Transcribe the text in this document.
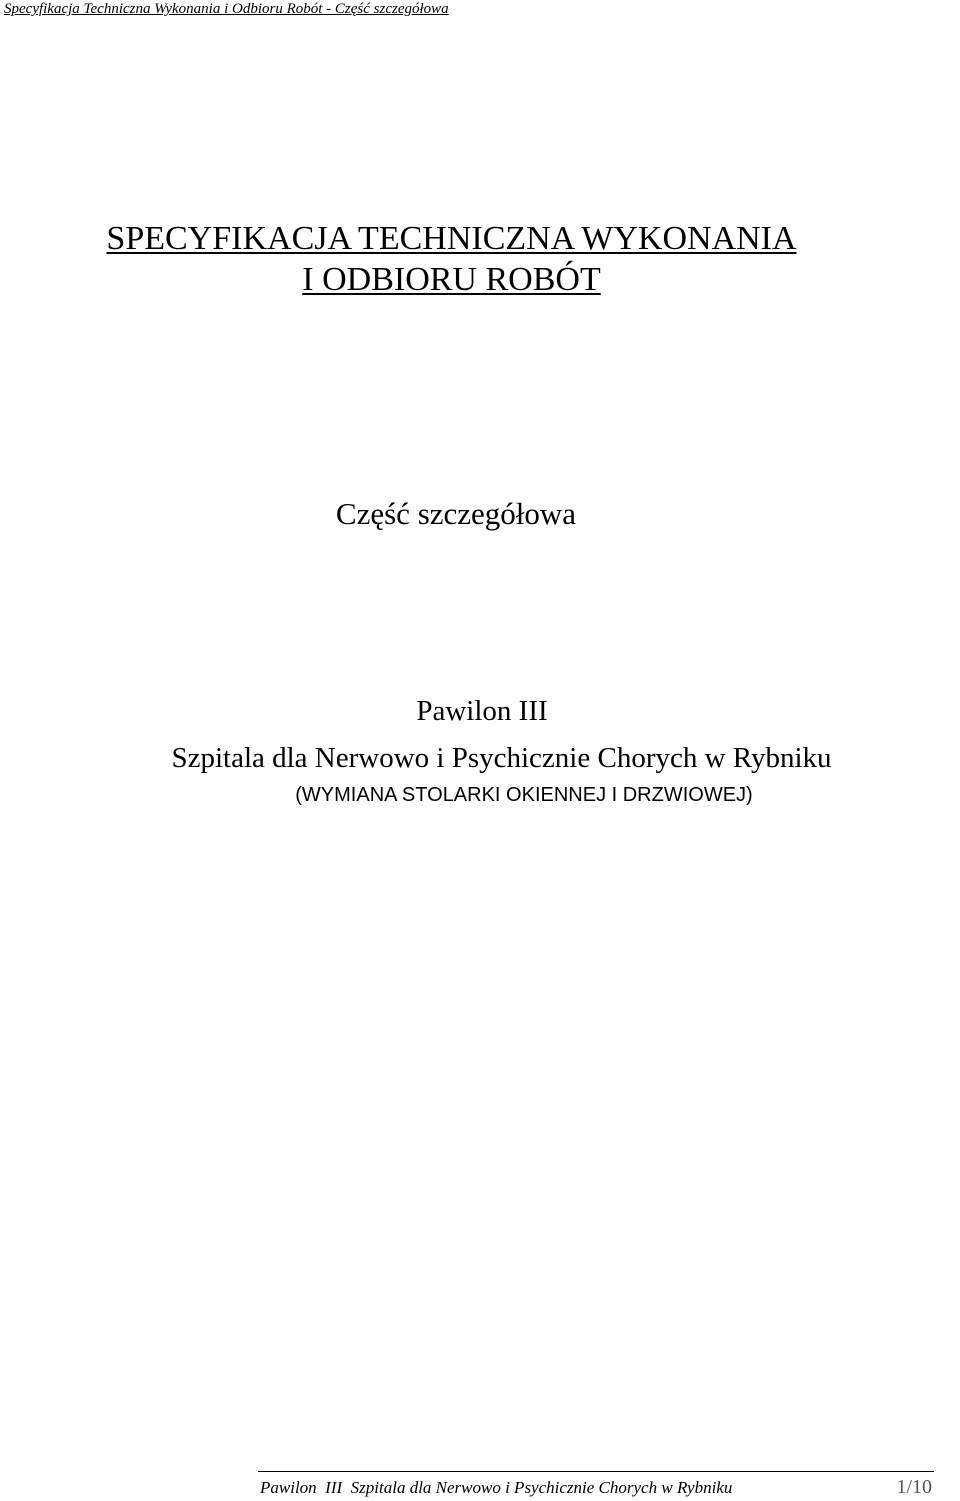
Specyfikacja Techniczna Wykonania i Odbioru Robót - Część szczegółowa
SPECYFIKACJA TECHNICZNA WYKONANIA
I ODBIORU ROBÓT
Część szczegółowa
Pawilon III
Szpitala dla Nerwowo i Psychicznie Chorych w Rybniku
(WYMIANA STOLARKI OKIENNEJ I DRZWIOWEJ)
Pawilon  III  Szpitala dla Nerwowo i Psychicznie Chorych w Rybniku	1/10
